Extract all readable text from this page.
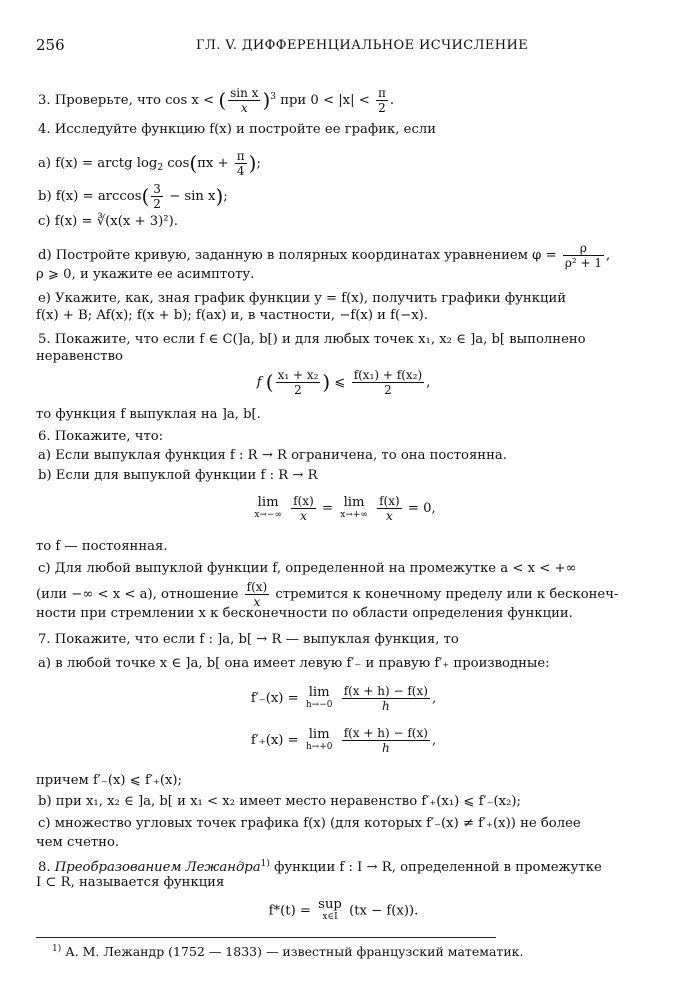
256	ГЛ. V. ДИФФЕРЕНЦИАЛЬНОЕ ИСЧИСЛЕНИЕ
3. Проверьте, что cos x < ( $\frac{\text{sin x}}{x} )^3$ при $0 < |x| < \frac{\pi}{2}$ .
4. Исследуйте функцию f(x) и постройте ее график, если
a) f(x) = arctg $\log_2 \cos(\pi x + \frac{\pi}{4}$ );
b) $f(x) = \arccos( \frac{3}{2} - \sin x)$;
c) f(x) = ∛(x(x + 3)²).
d) Постройте кривую, заданную в полярных координатах уравнением $\varphi = \frac{\rho}{\text{ρ² + 1}}$ ,
ρ ⩾ 0, и укажите ее асимптоту.
e) Укажите, как, зная график функции y = f(x), получить графики функций
f(x) + B; Af(x); f(x + b); f(ax) и, в частности, −f(x) и f(−x).
5. Покажите, что если f ∈ C(]a, b[) и для любых точек x₁, x₂ ∈ ]a, b[ выполнено
неравенство
f ( $\frac{\text{x₁ + x₂}}{2}$ ) ⩽ $\frac{\text{f(x₁) + f(x₂)}}{2}$ ,
то функция f выпуклая на ]a, b[.
6. Покажите, что:
a) Если выпуклая функция f : R → R ограничена, то она постоянна.
b) Если для выпуклой функции f : R → R
lim
x→−∞
$\frac{f(x)}{x} = \lim$
x→+∞
$\frac{f(x)}{x} = 0$,
то f — постоянная.
c) Для любой выпуклой функции f, определенной на промежутке a < x < +∞
(или −∞ < x < a), отношение $\frac{f(x)}{x}$ стремится к конечному пределу или к бесконеч-
ности при стремлении x к бесконечности по области определения функции.
7. Покажите, что если f : ]a, b[ → R — выпуклая функция, то
a) в любой точке x ∈ ]a, b[ она имеет левую f′₋ и правую f′₊ производные:
f′₋(x) = lim
h→−0
$\frac{f(x + h) - f(x)}{h}$ ,
f′₊(x) = lim
h→+0
$\frac{f(x + h) - f(x)}{h}$ ,
причем f′₋(x) ⩽ f′₊(x);
b) при x₁, x₂ ∈ ]a, b[ и x₁ < x₂ имеет место неравенство f′₊(x₁) ⩽ f′₋(x₂);
c) множество угловых точек графика f(x) (для которых f′₋(x) ≠ f′₊(x)) не более
чем счетно.
8. Преобразованием Лежандра$^{1)}$ функции f : I → R, определенной в промежутке
I ⊂ R, называется функция
f*(t) = sup
x∈I (tx − f(x)).
$^{1)}$ А. М. Лежандр (1752 — 1833) — известный французский математик.
